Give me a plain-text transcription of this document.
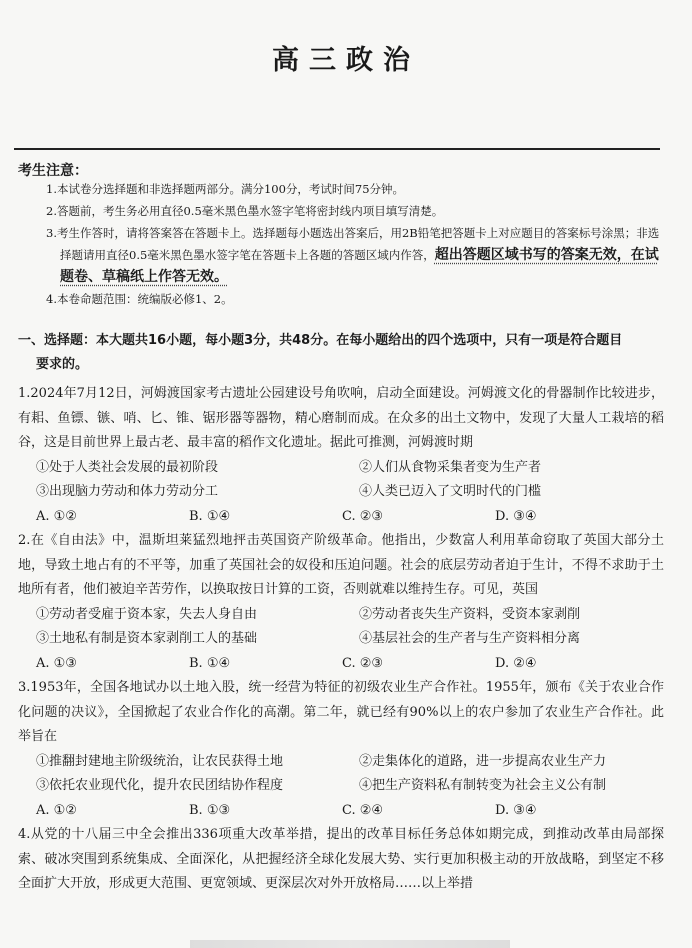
高三政治
考生注意：
1.本试卷分选择题和非选择题两部分。满分100分，考试时间75分钟。
2.答题前，考生务必用直径0.5毫米黑色墨水签字笔将密封线内项目填写清楚。
3.考生作答时，请将答案答在答题卡上。选择题每小题选出答案后，用2B铅笔把答题卡上对应题目的答案标号涂黑；非选择题请用直径0.5毫米黑色墨水签字笔在答题卡上各题的答题区域内作答，超出答题区域书写的答案无效，在试题卷、草稿纸上作答无效。
4.本卷命题范围：统编版必修1、2。
一、选择题：本大题共16小题，每小题3分，共48分。在每小题给出的四个选项中，只有一项是符合题目
要求的。
1.2024年7月12日，河姆渡国家考古遗址公园建设号角吹响，启动全面建设。河姆渡文化的骨器制作比较进步，有耜、鱼镖、镞、哨、匕、锥、锯形器等器物，精心磨制而成。在众多的出土文物中，发现了大量人工栽培的稻谷，这是目前世界上最古老、最丰富的稻作文化遗址。据此可推测，河姆渡时期
①处于人类社会发展的最初阶段	②人们从食物采集者变为生产者
③出现脑力劳动和体力劳动分工	④人类已迈入了文明时代的门槛
A. ①②	B. ①④	C. ②③	D. ③④
2.在《自由法》中，温斯坦莱猛烈地抨击英国资产阶级革命。他指出，少数富人利用革命窃取了英国大部分土地，导致土地占有的不平等，加重了英国社会的奴役和压迫问题。社会的底层劳动者迫于生计，不得不求助于土地所有者，他们被迫辛苦劳作，以换取按日计算的工资，否则就难以维持生存。可见，英国
①劳动者受雇于资本家，失去人身自由	②劳动者丧失生产资料，受资本家剥削
③土地私有制是资本家剥削工人的基础	④基层社会的生产者与生产资料相分离
A. ①③	B. ①④	C. ②③	D. ②④
3.1953年，全国各地试办以土地入股，统一经营为特征的初级农业生产合作社。1955年，颁布《关于农业合作化问题的决议》，全国掀起了农业合作化的高潮。第二年，就已经有90%以上的农户参加了农业生产合作社。此举旨在
①推翻封建地主阶级统治，让农民获得土地	②走集体化的道路，进一步提高农业生产力
③依托农业现代化，提升农民团结协作程度	④把生产资料私有制转变为社会主义公有制
A. ①②	B. ①③	C. ②④	D. ③④
4.从党的十八届三中全会推出336项重大改革举措，提出的改革目标任务总体如期完成，到推动改革由局部探索、破冰突围到系统集成、全面深化，从把握经济全球化发展大势、实行更加积极主动的开放战略，到坚定不移全面扩大开放，形成更大范围、更宽领域、更深层次对外开放格局……以上举措
